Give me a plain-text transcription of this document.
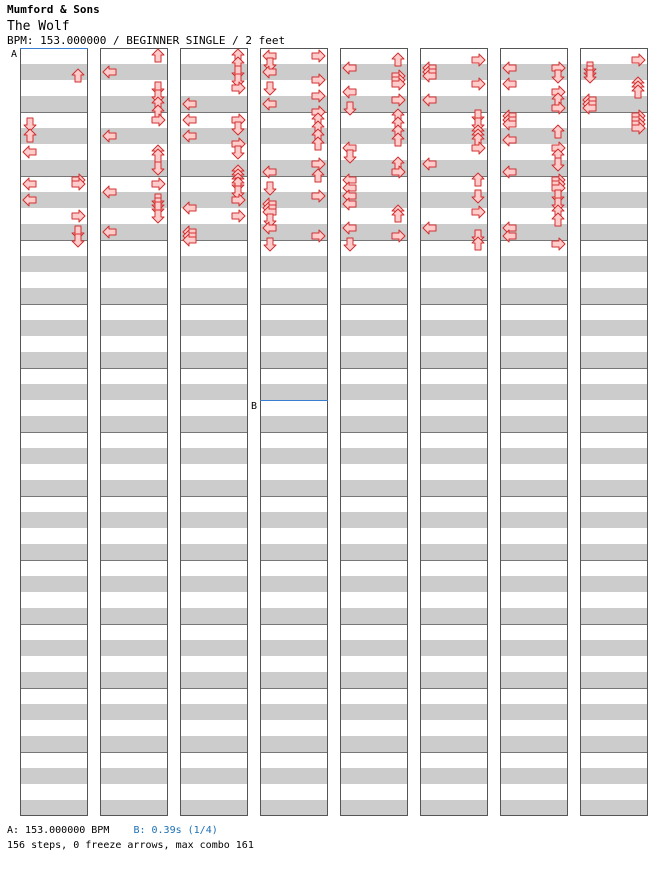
Mumford & Sons
The Wolf
BPM: 153.000000 / BEGINNER SINGLE / 2 feet
A
B
A: 153.000000 BPM B: 0.39s (1/4)
156 steps, 0 freeze arrows, max combo 161
